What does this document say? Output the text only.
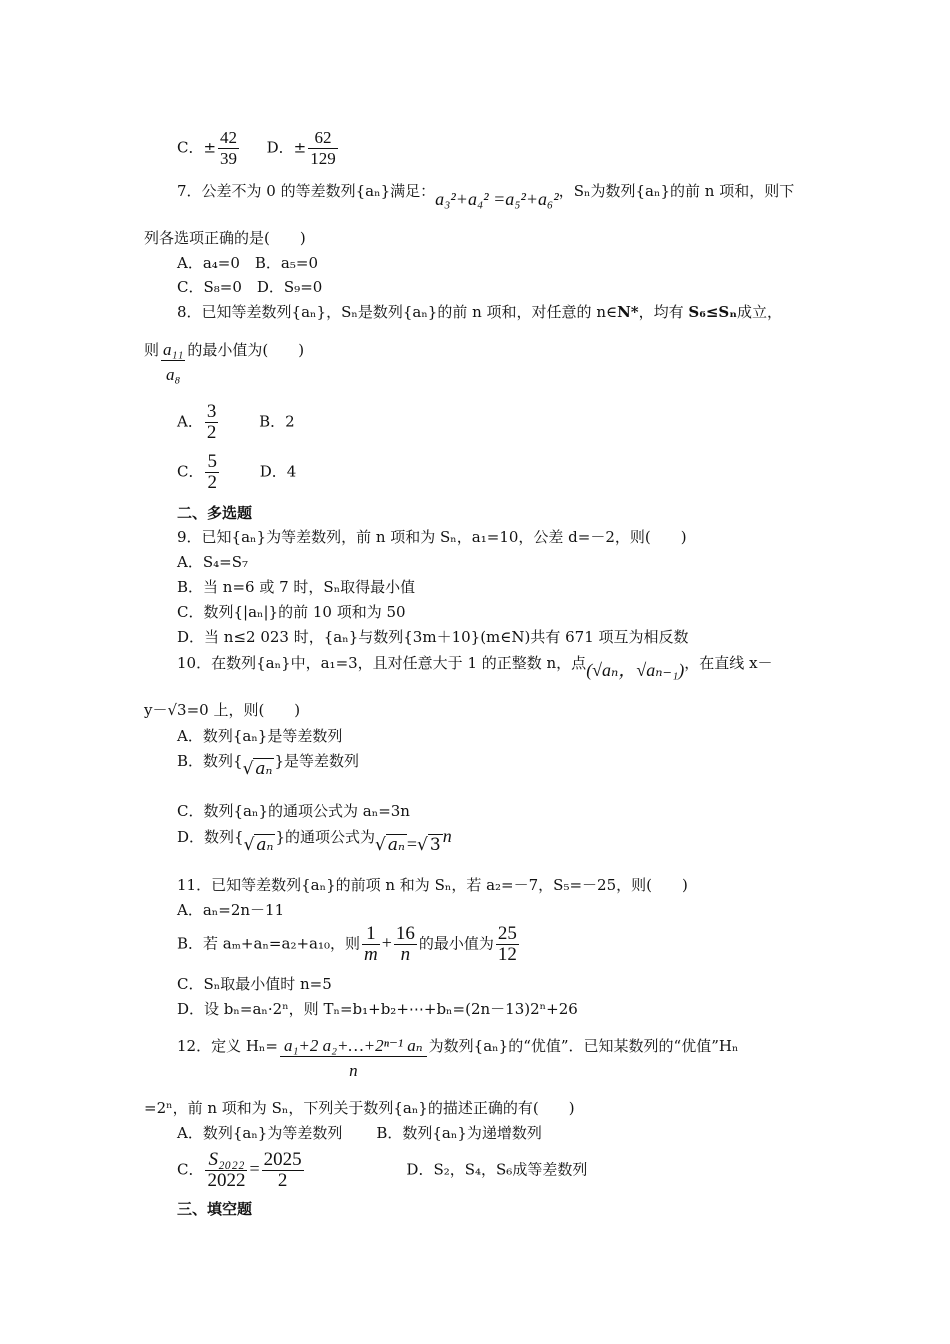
C．± $\frac{42}{39}$ D．± $\frac{62}{129}$
7．公差不为 0 的等差数列{aₙ}满足：a₃²+a₄² =a₅²+a₆²，Sₙ为数列{aₙ}的前 n 项和，则下
列各选项正确的是(　　)
A．a₄=0　B．a₅=0
C．S₈=0　D．S₉=0
8．已知等差数列{aₙ}，Sₙ是数列{aₙ}的前 n 项和，对任意的 n∈N*，均有 S₆≤Sₙ成立，
则 $\frac{\text{a₁₁}}{\text{a₈}}$ 的最小值为(　　)
A． $\frac{3}{2}$	B．2
C． $\frac{5}{2}$	D．4
二、多选题
9．已知{aₙ}为等差数列，前 n 项和为 Sₙ，a₁=10，公差 d=－2，则(　　)
A．S₄=S₇
B．当 n=6 或 7 时，Sₙ取得最小值
C．数列{|aₙ|}的前 10 项和为 50
D．当 n≤2 023 时，{aₙ}与数列{3m＋10}(m∈N)共有 671 项互为相反数
10．在数列{aₙ}中，a₁=3，且对任意大于 1 的正整数 n，点(√aₙ，√aₙ₋₁)，在直线 x－
y－√3=0 上，则(　　)
A．数列{aₙ}是等差数列
B．数列{√ aₙ }是等差数列
C．数列{aₙ}的通项公式为 aₙ=3n
D．数列{√ aₙ }的通项公式为√ aₙ =√ 3 n
11．已知等差数列{aₙ}的前项 n 和为 Sₙ，若 a₂=－7，S₅=－25，则(　　)
A．aₙ=2n－11
B．若 aₘ+aₙ=a₂+a₁₀，则 $\frac{1}{m} + \frac{16}{n}$ 的最小值为 $\frac{25}{12}$
C．Sₙ取最小值时 n=5
D．设 bₙ=aₙ·2ⁿ，则 Tₙ=b₁+b₂+⋯+bₙ=(2n－13)2ⁿ+26
12．定义 $H_n= \frac{\text{a₁+2 a₂+…+2ⁿ⁻¹ aₙ}}{n}$ 为数列{aₙ}的“优值”．已知某数列的“优值”Hₙ
=2ⁿ，前 n 项和为 Sₙ，下列关于数列{aₙ}的描述正确的有(　　)
A．数列{aₙ}为等差数列 B．数列{aₙ}为递增数列
C． $\frac{\text{S₂₀₂₂}}{2022} = \frac{2025}{2}$	D．S₂，S₄，S₆成等差数列
三、填空题
